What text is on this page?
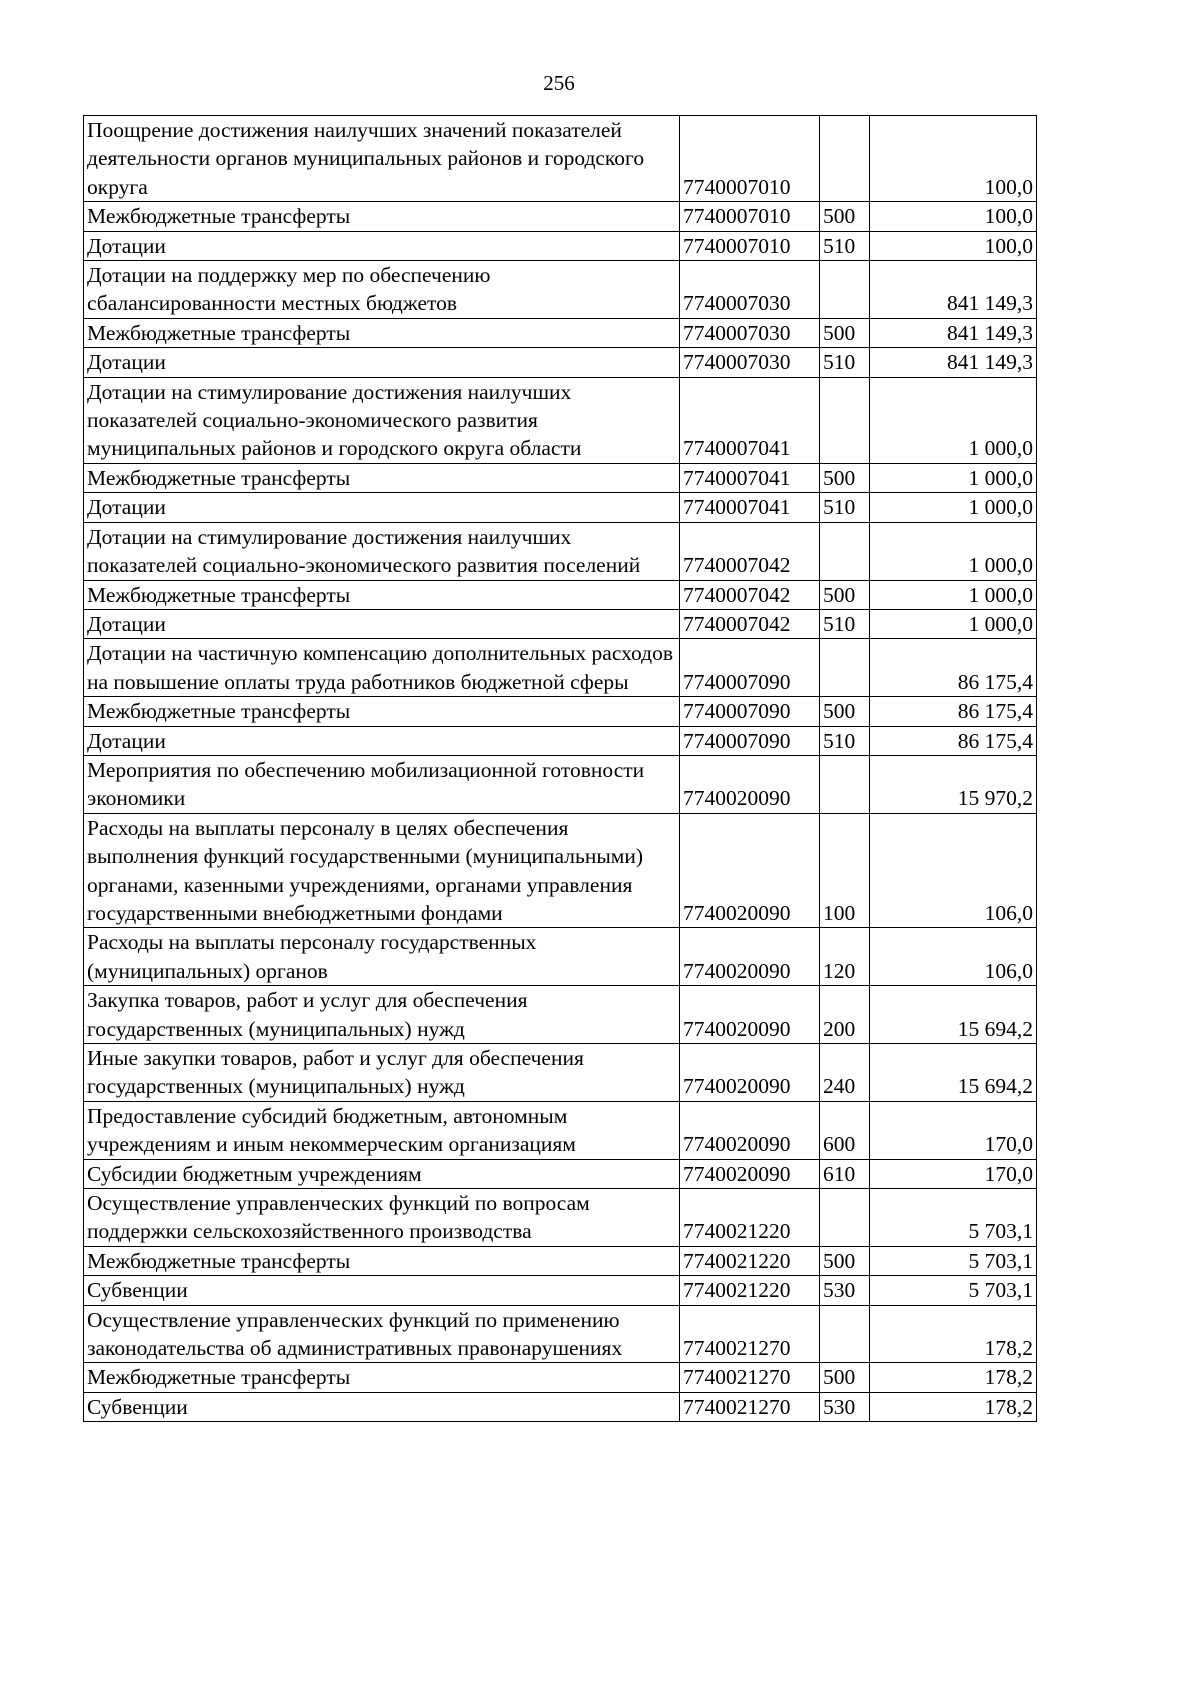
256
Поощрение достижения наилучших значений показателей деятельности органов муниципальных районов и городского округа	7740007010		100,0
Межбюджетные трансферты	7740007010	500	100,0
Дотации	7740007010	510	100,0
Дотации на поддержку мер по обеспечению сбалансированности местных бюджетов	7740007030		841 149,3
Межбюджетные трансферты	7740007030	500	841 149,3
Дотации	7740007030	510	841 149,3
Дотации на стимулирование достижения наилучших показателей социально-экономического развития муниципальных районов и городского округа области	7740007041		1 000,0
Межбюджетные трансферты	7740007041	500	1 000,0
Дотации	7740007041	510	1 000,0
Дотации на стимулирование достижения наилучших показателей социально-экономического развития поселений	7740007042		1 000,0
Межбюджетные трансферты	7740007042	500	1 000,0
Дотации	7740007042	510	1 000,0
Дотации на частичную компенсацию дополнительных расходов на повышение оплаты труда работников бюджетной сферы	7740007090		86 175,4
Межбюджетные трансферты	7740007090	500	86 175,4
Дотации	7740007090	510	86 175,4
Мероприятия по обеспечению мобилизационной готовности экономики	7740020090		15 970,2
Расходы на выплаты персоналу в целях обеспечения выполнения функций государственными (муниципальными) органами, казенными учреждениями, органами управления государственными внебюджетными фондами	7740020090	100	106,0
Расходы на выплаты персоналу государственных (муниципальных) органов	7740020090	120	106,0
Закупка товаров, работ и услуг для обеспечения государственных (муниципальных) нужд	7740020090	200	15 694,2
Иные закупки товаров, работ и услуг для обеспечения государственных (муниципальных) нужд	7740020090	240	15 694,2
Предоставление субсидий бюджетным, автономным учреждениям и иным некоммерческим организациям	7740020090	600	170,0
Субсидии бюджетным учреждениям	7740020090	610	170,0
Осуществление управленческих функций по вопросам поддержки сельскохозяйственного производства	7740021220		5 703,1
Межбюджетные трансферты	7740021220	500	5 703,1
Субвенции	7740021220	530	5 703,1
Осуществление управленческих функций по применению законодательства об административных правонарушениях	7740021270		178,2
Межбюджетные трансферты	7740021270	500	178,2
Субвенции	7740021270	530	178,2
